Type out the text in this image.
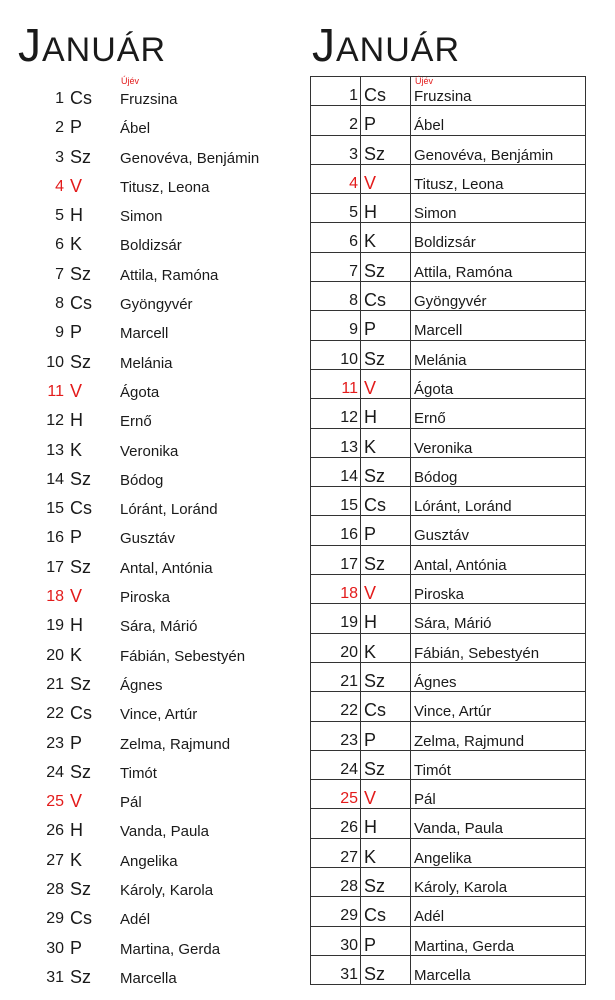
JANUÁR	JANUÁR
1 Cs Fruzsina
Újév
2 P	Ábel
3 Sz Genovéva, Benjámin
4 V	Titusz, Leona
5 H Simon
6 K	Boldizsár
7 Sz Attila, Ramóna
8 Cs Gyöngyvér
9 P	Marcell
10 Sz Melánia
11 V	Ágota
12 H Ernő
13 K	Veronika
14 Sz Bódog
15 Cs Lóránt, Loránd
16 P	Gusztáv
17 Sz Antal, Antónia
18 V	Piroska
19 H Sára, Márió
20 K	Fábián, Sebestyén
21 Sz Ágnes
22 Cs Vince, Artúr
23 P	Zelma, Rajmund
24 Sz Timót
25 V	Pál
26 H Vanda, Paula
27 K	Angelika
28 Sz Károly, Karola
29 Cs Adél
30 P	Martina, Gerda
31 Sz Marcella
1 Cs Fruzsina
Újév
2 P	Ábel
3 Sz Genovéva, Benjámin
4 V	Titusz, Leona
5 H Simon
6 K	Boldizsár
7 Sz Attila, Ramóna
8 Cs Gyöngyvér
9 P	Marcell
10 Sz Melánia
11 V	Ágota
12 H Ernő
13 K	Veronika
14 Sz Bódog
15 Cs Lóránt, Loránd
16 P	Gusztáv
17 Sz Antal, Antónia
18 V	Piroska
19 H Sára, Márió
20 K	Fábián, Sebestyén
21 Sz Ágnes
22 Cs Vince, Artúr
23 P	Zelma, Rajmund
24 Sz Timót
25 V	Pál
26 H Vanda, Paula
27 K	Angelika
28 Sz Károly, Karola
29 Cs Adél
30 P	Martina, Gerda
31 Sz Marcella
